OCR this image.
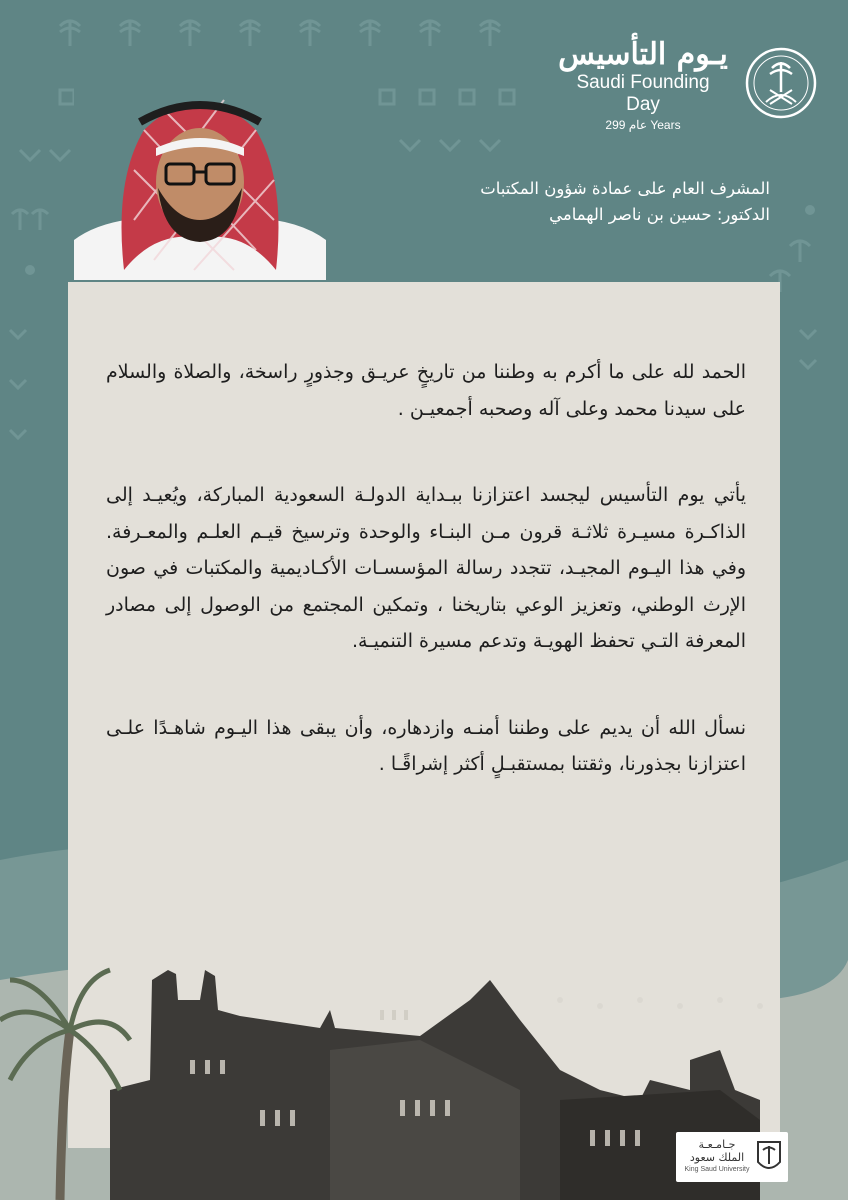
يـوم التأسيس
Saudi Founding Day
عام 299 Years
المشرف العام على عمادة شؤون المكتبات
الدكتور: حسين بن ناصر الهمامي
الحمد لله على ما أكرم به وطننا من تاريخٍ عريـق وجذورٍ راسخة، والصلاة والسلام على سيدنا محمد وعلى آله وصحبه أجمعيـن .
يأتي يوم التأسيس ليجسد اعتزازنا ببـداية الدولـة السعودية المباركة، ويُعيـد إلى الذاكـرة مسيـرة ثلاثـة قرون مـن البنـاء والوحدة وترسيخ قيـم العلـم والمعـرفة. وفي هذا اليـوم المجيـد، تتجدد رسالة المؤسسـات الأكـاديمية والمكتبات في صون الإرث الوطني، وتعزيز الوعي بتاريخنا ، وتمكين المجتمع من الوصول إلى مصادر المعرفة التـي تحفظ الهويـة وتدعم مسيرة التنميـة.
نسأل الله أن يديم على وطننا أمنـه وازدهاره، وأن يبقى هذا اليـوم شاهـدًا علـى اعتزازنا بجذورنا، وثقتنا بمستقبـلٍ أكثر إشراقًـا .
جـامـعـة
الملك سعود
King Saud University
